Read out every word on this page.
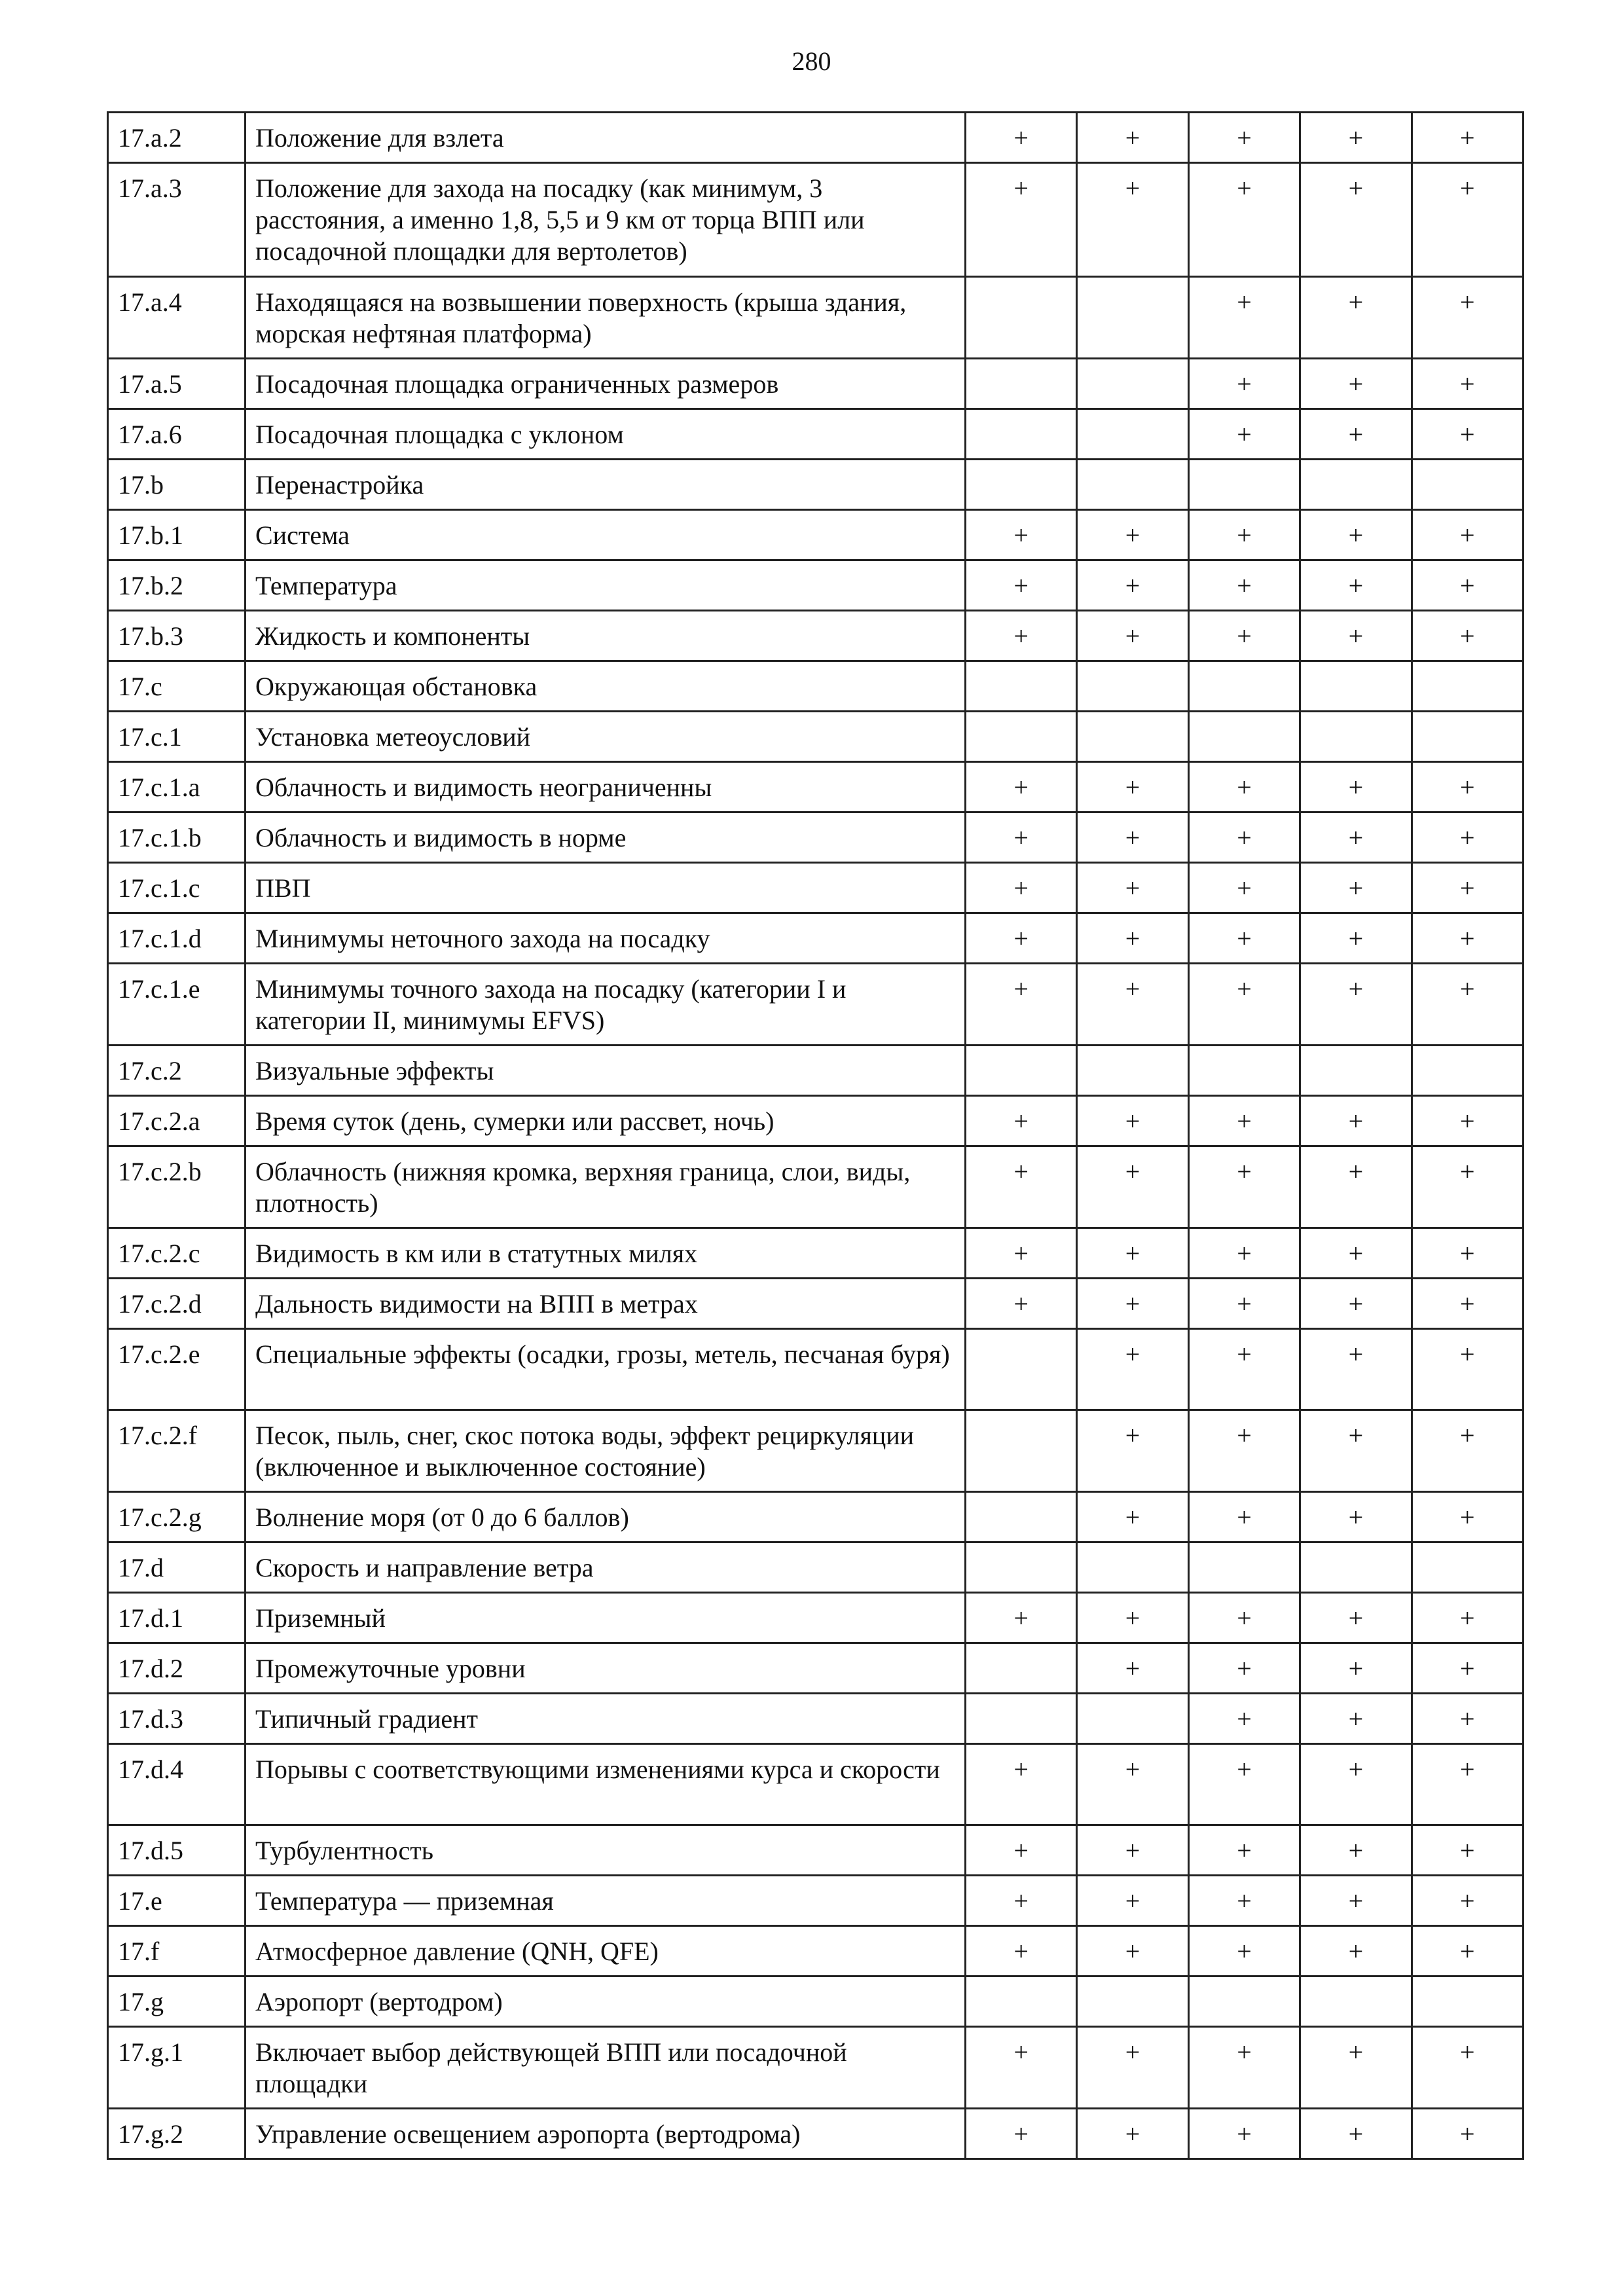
280
17.a.2	Положение для взлета	+	+	+	+	+
17.a.3	Положение для захода на посадку (как минимум, 3 расстояния, а именно 1,8, 5,5 и 9 км от торца ВПП или посадочной площадки для вертолетов)	+	+	+	+	+
17.a.4	Находящаяся на возвышении поверхность (крыша здания, морская нефтяная платформа)			+	+	+
17.a.5	Посадочная площадка ограниченных размеров			+	+	+
17.a.6	Посадочная площадка с уклоном			+	+	+
17.b	Перенастройка					
17.b.1	Система	+	+	+	+	+
17.b.2	Температура	+	+	+	+	+
17.b.3	Жидкость и компоненты	+	+	+	+	+
17.c	Окружающая обстановка					
17.c.1	Установка метеоусловий					
17.c.1.a	Облачность и видимость неограниченны	+	+	+	+	+
17.c.1.b	Облачность и видимость в норме	+	+	+	+	+
17.c.1.c	ПВП	+	+	+	+	+
17.c.1.d	Минимумы неточного захода на посадку	+	+	+	+	+
17.c.1.e	Минимумы точного захода на посадку (категории I и категории II, минимумы EFVS)	+	+	+	+	+
17.c.2	Визуальные эффекты					
17.c.2.a	Время суток (день, сумерки или рассвет, ночь)	+	+	+	+	+
17.c.2.b	Облачность (нижняя кромка, верхняя граница, слои, виды, плотность)	+	+	+	+	+
17.c.2.c	Видимость в км или в статутных милях	+	+	+	+	+
17.c.2.d	Дальность видимости на ВПП в метрах	+	+	+	+	+
17.c.2.e	Специальные эффекты (осадки, грозы, метель, песчаная буря)		+	+	+	+
17.c.2.f	Песок, пыль, снег, скос потока воды, эффект рециркуляции (включенное и выключенное состояние)		+	+	+	+
17.c.2.g	Волнение моря (от 0 до 6 баллов)		+	+	+	+
17.d	Скорость и направление ветра					
17.d.1	Приземный	+	+	+	+	+
17.d.2	Промежуточные уровни		+	+	+	+
17.d.3	Типичный градиент			+	+	+
17.d.4	Порывы с соответствующими изменениями курса и скорости	+	+	+	+	+
17.d.5	Турбулентность	+	+	+	+	+
17.e	Температура — приземная	+	+	+	+	+
17.f	Атмосферное давление (QNH, QFE)	+	+	+	+	+
17.g	Аэропорт (вертодром)					
17.g.1	Включает выбор действующей ВПП или посадочной площадки	+	+	+	+	+
17.g.2	Управление освещением аэропорта (вертодрома)	+	+	+	+	+
